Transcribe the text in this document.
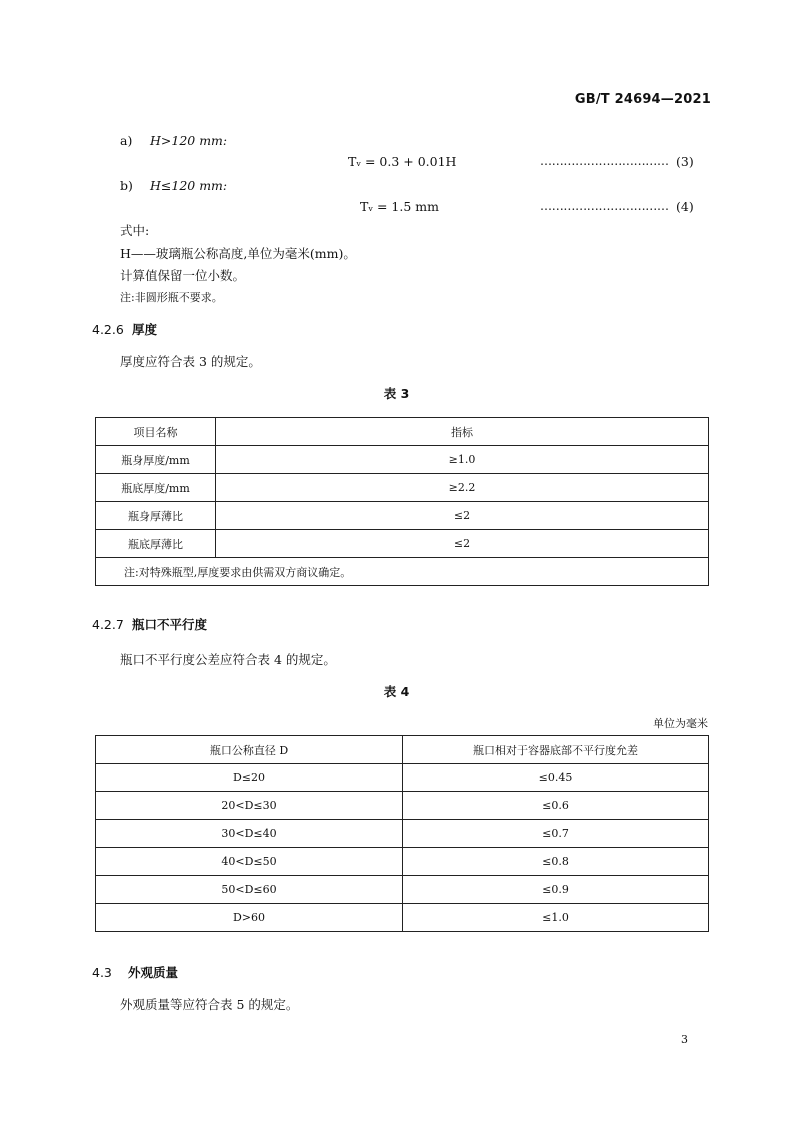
GB/T 24694—2021
a) H>120 mm:
Tᵥ = 0.3 + 0.01H	…………………………… (3)
b) H≤120 mm:
Tᵥ = 1.5 mm	…………………………… (4)
式中:
H——玻璃瓶公称高度,单位为毫米(mm)。
计算值保留一位小数。
注:非圆形瓶不要求。
4.2.6 厚度
厚度应符合表 3 的规定。
表 3
项目名称	指标
瓶身厚度/mm	≥1.0
瓶底厚度/mm	≥2.2
瓶身厚薄比	≤2
瓶底厚薄比	≤2
注:对特殊瓶型,厚度要求由供需双方商议确定。	
4.2.7 瓶口不平行度
瓶口不平行度公差应符合表 4 的规定。
表 4
单位为毫米
瓶口公称直径 D	瓶口相对于容器底部不平行度允差
D≤20	≤0.45
20<D≤30	≤0.6
30<D≤40	≤0.7
40<D≤50	≤0.8
50<D≤60	≤0.9
D>60	≤1.0
4.3 外观质量
外观质量等应符合表 5 的规定。
3
